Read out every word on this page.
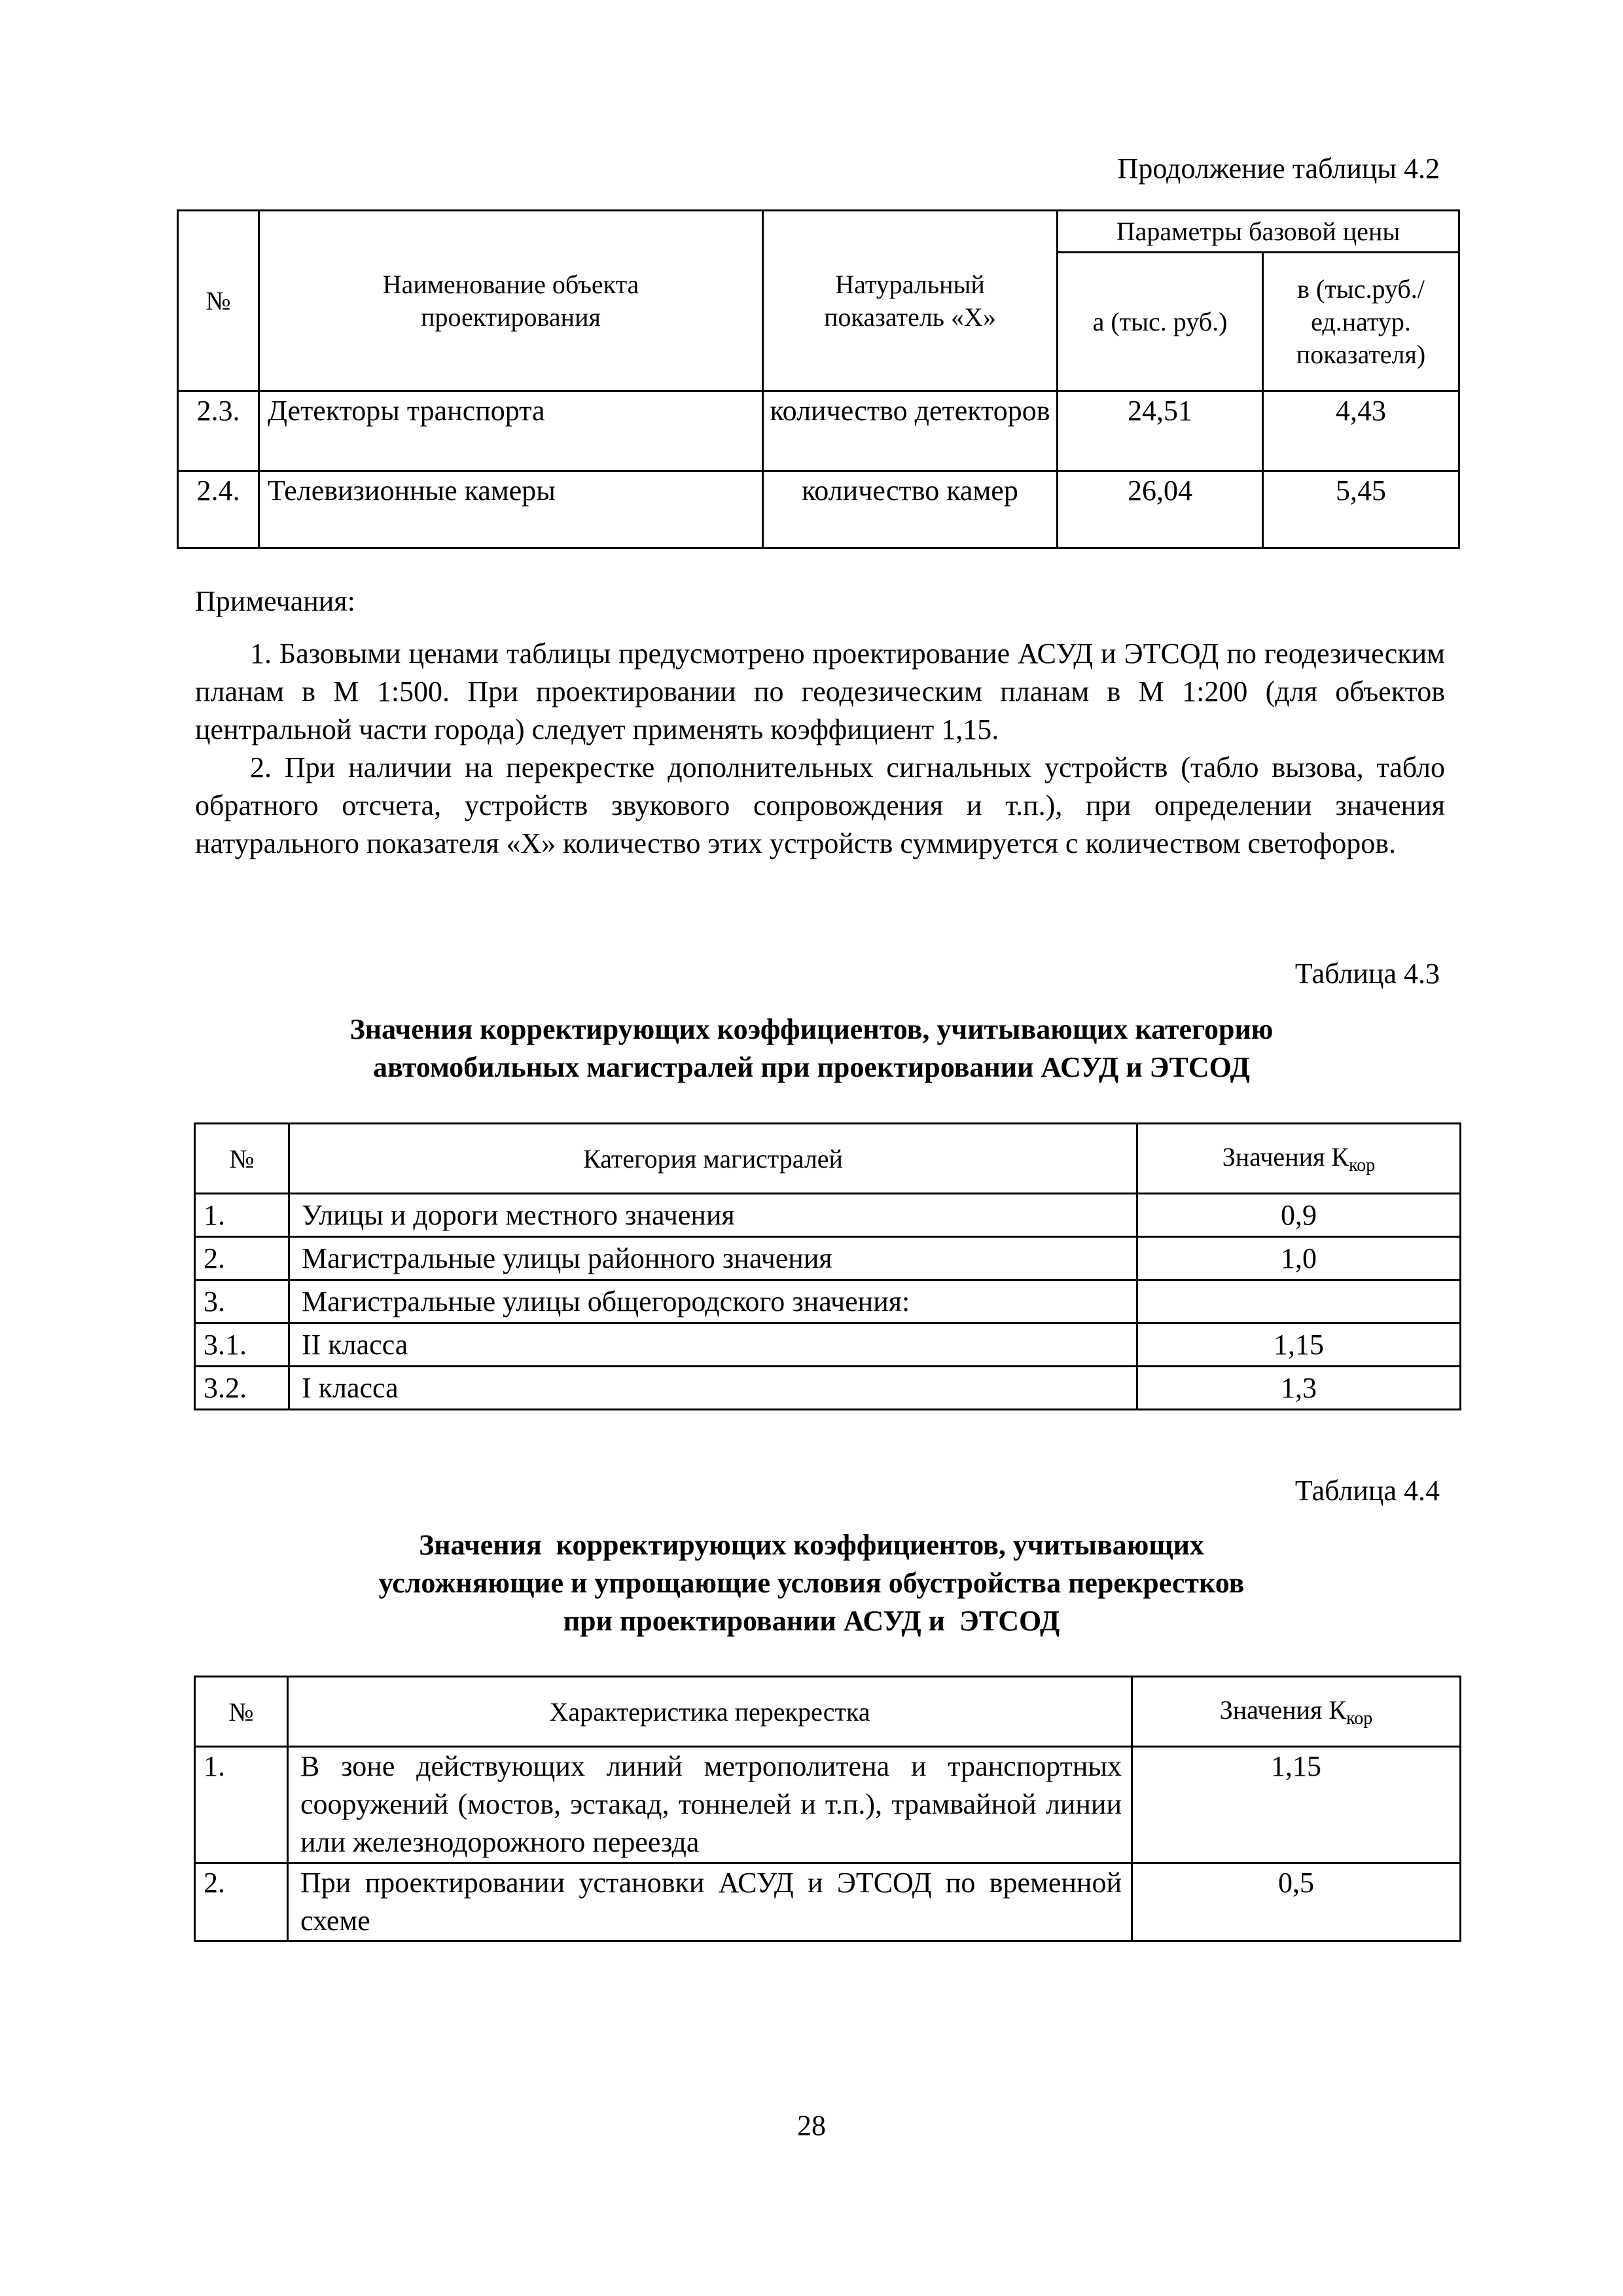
Продолжение таблицы 4.2
№	Наименование объекта проектирования	Натуральный показатель «Х»	Параметры базовой цены	
			а (тыс. руб.)	в (тыс.руб./ ед.натур. показателя)
2.3.	Детекторы транспорта	количество детекторов	24,51	4,43
2.4.	Телевизионные камеры	количество камер	26,04	5,45

Примечания:

1. Базовыми ценами таблицы предусмотрено проектирование АСУД и ЭТСОД по геодезическим планам в М 1:500. При проектировании по геодезическим планам в М 1:200 (для объектов центральной части города) следует применять коэффициент 1,15.

2. При наличии на перекрестке дополнительных сигнальных устройств (табло вызова, табло обратного отсчета, устройств звукового сопровождения и т.п.), при определении значения натурального показателя «Х» количество этих устройств суммируется с количеством светофоров.

Таблица 4.3
Значения корректирующих коэффициентов, учитывающих категорию
автомобильных магистралей при проектировании АСУД и ЭТСОД
№	Категория магистралей	Значения $К_{кор}$
1.	Улицы и дороги местного значения	0,9
2.	Магистральные улицы районного значения	1,0
3.	Магистральные улицы общегородского значения:	
3.1.	II класса	1,15
3.2.	I класса	1,3
Таблица 4.4
Значения  корректирующих коэффициентов, учитывающих
усложняющие и упрощающие условия обустройства перекрестков
при проектировании АСУД и  ЭТСОД
№	Характеристика перекрестка	Значения $К_{кор}$
1.	В зоне действующих линий метрополитена и транспортных сооружений (мостов, эстакад, тоннелей и т.п.), трамвайной линии или железнодорожного переезда	1,15
2.	При проектировании установки АСУД и ЭТСОД по временной схеме	0,5
28
